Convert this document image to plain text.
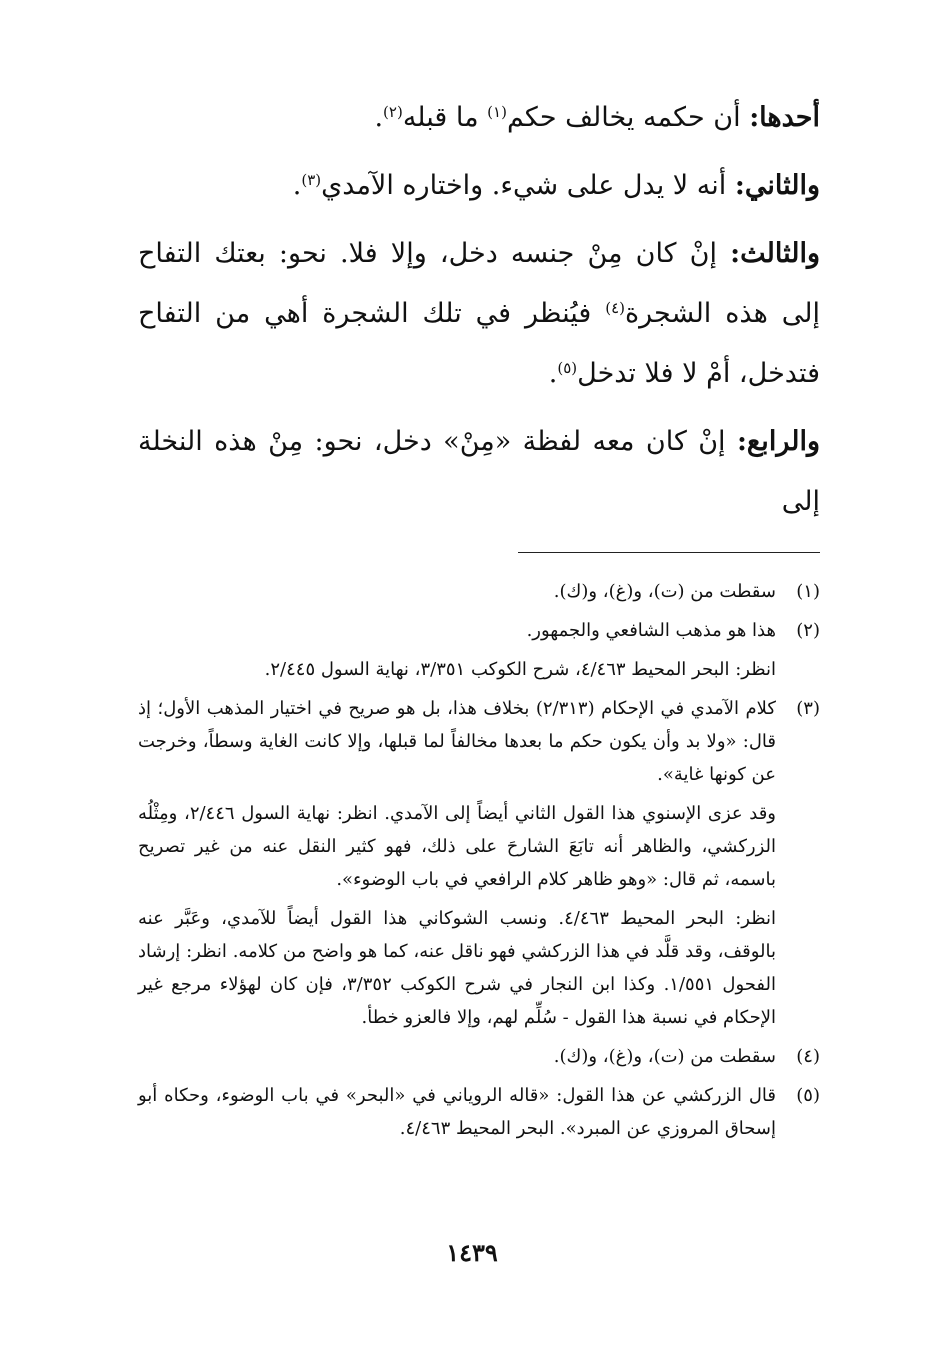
أحدها: أن حكمه يخالف حكم$^{(١)}$ ما قبله$^{(٢)}$.

والثاني: أنه لا يدل على شيء. واختاره الآمدي$^{(٣)}$.

والثالث: إنْ كان مِنْ جنسه دخل، وإلا فلا. نحو: بعتك التفاح إلى هذه الشجرة$^{(٤)}$ فيُنظر في تلك الشجرة أهي من التفاح فتدخل، أمْ لا فلا تدخل$^{(٥)}$.

والرابع: إنْ كان معه لفظة «مِنْ» دخل، نحو: مِنْ هذه النخلة إلى

(١)
سقطت من (ت)، و(غ)، و(ك).
(٢)
هذا هو مذهب الشافعي والجمهور.
انظر: البحر المحيط ٤/٤٦٣، شرح الكوكب ٣/٣٥١، نهاية السول ٢/٤٤٥.
(٣)
كلام الآمدي في الإحكام (٢/٣١٣) بخلاف هذا، بل هو صريح في اختيار المذهب الأول؛ إذ قال: «ولا بد وأن يكون حكم ما بعدها مخالفاً لما قبلها، وإلا كانت الغاية وسطاً، وخرجت عن كونها غاية».
وقد عزى الإسنوي هذا القول الثاني أيضاً إلى الآمدي. انظر: نهاية السول ٢/٤٤٦، ومِثْلُه الزركشي، والظاهر أنه تابَعَ الشارحَ على ذلك، فهو كثير النقل عنه من غير تصريح باسمه، ثم قال: «وهو ظاهر كلام الرافعي في باب الوضوء».
انظر: البحر المحيط ٤/٤٦٣. ونسب الشوكاني هذا القول أيضاً للآمدي، وعَبَّر عنه بالوقف، وقد قلَّد في هذا الزركشي فهو ناقل عنه، كما هو واضح من كلامه. انظر: إرشاد الفحول ١/٥٥١. وكذا ابن النجار في شرح الكوكب ٣/٣٥٢، فإن كان لهؤلاء مرجع غير الإحكام في نسبة هذا القول - سُلِّم لهم، وإلا فالعزو خطأ.
(٤)
سقطت من (ت)، و(غ)، و(ك).
(٥)
قال الزركشي عن هذا القول: «قاله الروياني في «البحر» في باب الوضوء، وحكاه أبو إسحاق المروزي عن المبرد». البحر المحيط ٤/٤٦٣.
١٤٣٩
